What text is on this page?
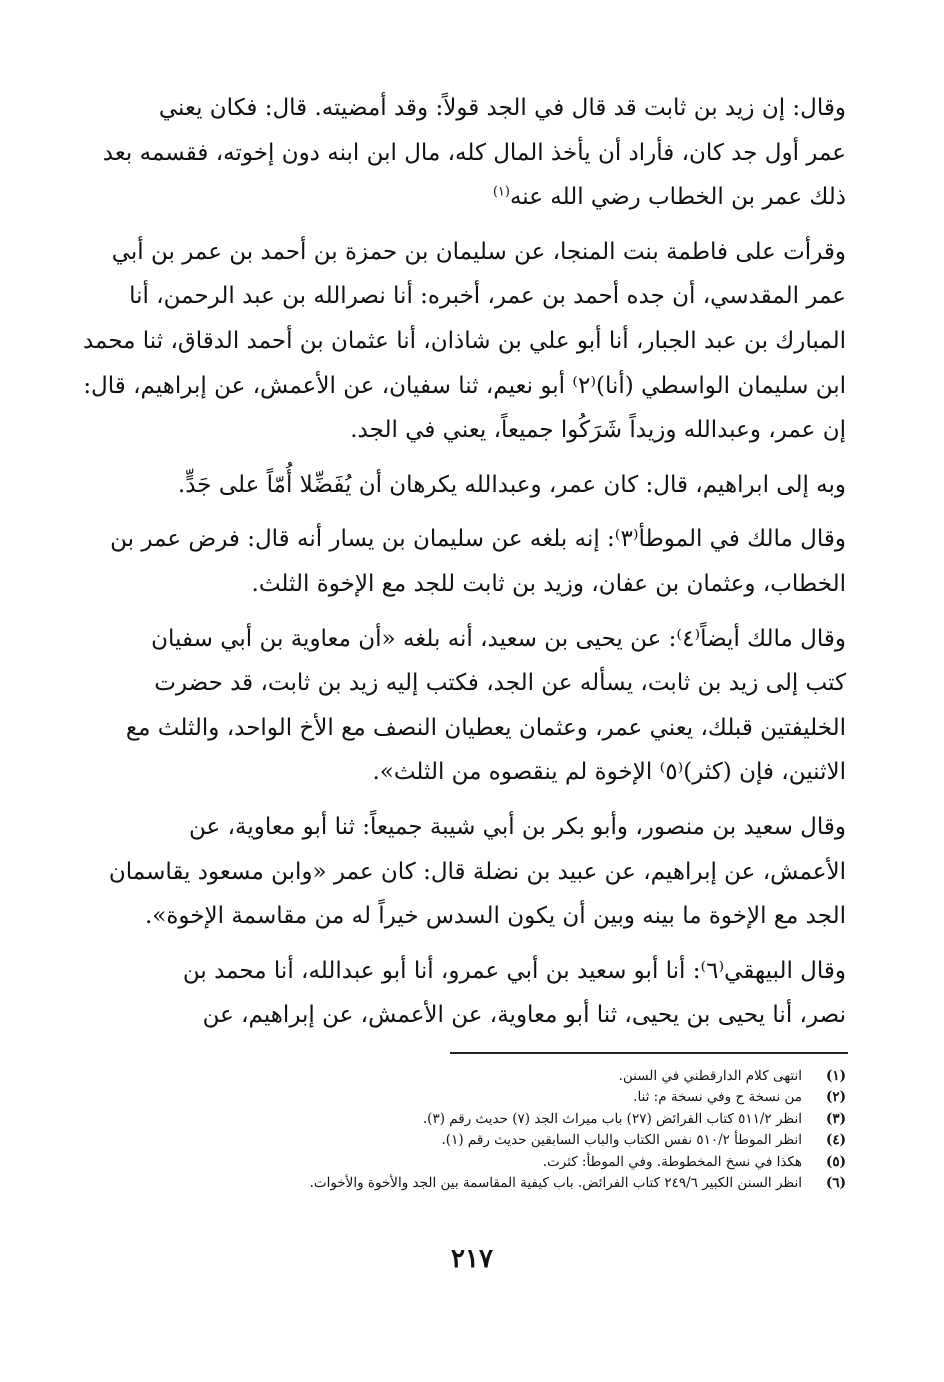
وقال: إن زيد بن ثابت قد قال في الجد قولاً: وقد أمضيته. قال: فكان يعني
عمر أول جد كان، فأراد أن يأخذ المال كله، مال ابن ابنه دون إخوته، فقسمه بعد
ذلك عمر بن الخطاب رضي الله عنه$^{(١)}$

وقرأت على فاطمة بنت المنجا، عن سليمان بن حمزة بن أحمد بن عمر بن أبي
عمر المقدسي، أن جده أحمد بن عمر، أخبره: أنا نصرالله بن عبد الرحمن، أنا
المبارك بن عبد الجبار، أنا أبو علي بن شاذان، أنا عثمان بن أحمد الدقاق، ثنا محمد
ابن سليمان الواسطي (أنا)⁽٢⁾ أبو نعيم، ثنا سفيان، عن الأعمش، عن إبراهيم، قال:
إن عمر، وعبدالله وزيداً شَرَكُوا جميعاً، يعني في الجد.

وبه إلى ابراهيم، قال: كان عمر، وعبدالله يكرهان أن يُفَضِّلا أُمّاً على جَدٍّ.

وقال مالك في الموطأ⁽٣⁾: إنه بلغه عن سليمان بن يسار أنه قال: فرض عمر بن
الخطاب، وعثمان بن عفان، وزيد بن ثابت للجد مع الإخوة الثلث.

وقال مالك أيضاً⁽٤⁾: عن يحيى بن سعيد، أنه بلغه «أن معاوية بن أبي سفيان
كتب إلى زيد بن ثابت، يسأله عن الجد، فكتب إليه زيد بن ثابت، قد حضرت
الخليفتين قبلك، يعني عمر، وعثمان يعطيان النصف مع الأخ الواحد، والثلث مع
الاثنين، فإن (كثر)⁽٥⁾ الإخوة لم ينقصوه من الثلث».

وقال سعيد بن منصور، وأبو بكر بن أبي شيبة جميعاً: ثنا أبو معاوية، عن
الأعمش، عن إبراهيم، عن عبيد بن نضلة قال: كان عمر «وابن مسعود يقاسمان
الجد مع الإخوة ما بينه وبين أن يكون السدس خيراً له من مقاسمة الإخوة».

وقال البيهقي⁽٦⁾: أنا أبو سعيد بن أبي عمرو، أنا أبو عبدالله، أنا محمد بن
نصر، أنا يحيى بن يحيى، ثنا أبو معاوية، عن الأعمش، عن إبراهيم، عن

(١)
انتهى كلام الدارقطني في السنن.
(٢)
من نسخة ح وفي نسخة م: ثنا.
(٣)
انظر ٥١١/٢ كتاب الفرائض (٢٧) باب ميراث الجد (٧) حديث رقم (٣).
(٤)
انظر الموطأ ٥١٠/٢ نفس الكتاب والباب السابقين حديث رقم (١).
(٥)
هكذا في نسخ المخطوطة. وفي الموطأ: كثرت.
(٦)
انظر السنن الكبير ٢٤٩/٦ كتاب الفرائض. باب كيفية المقاسمة بين الجد والأخوة والأخوات.
٢١٧
